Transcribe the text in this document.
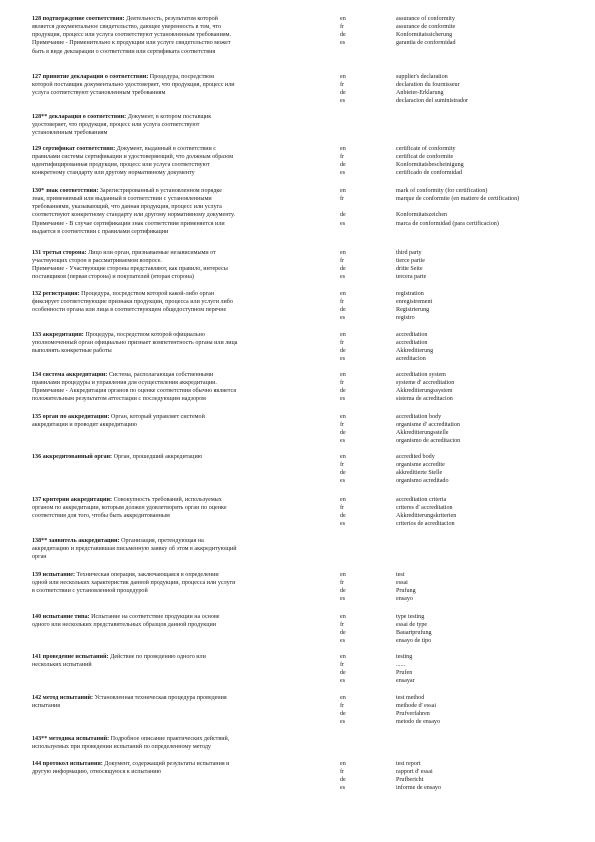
128 подтверждение соответствия: Деятельность, результатом которой
является документальное свидетельство, дающее уверенность в том, что
продукция, процесс или услуга соответствуют установленным требованиям.
Примечание - Применительно к продукции или услуге свидетельство может
быть в виде декларации о соответствии или сертификата соответствия
en
fr
de
es
assurance of conformity
assurance de conformite
Konformitatssicherung
garantia de conformidad
127 принятие декларации о соответствии: Процедура, посредством
которой поставщик документально удостоверяет, что продукция, процесс или
услуга соответствуют установленным требованиям
en
fr
de
es
supplier's declaration
declaration du fournisseur
Anbieter-Erklarung
declaracion del suministrador
128** декларация о соответствии: Документ, в котором поставщик
удостоверяет, что продукция, процесс или услуга соответствуют
установленным требованиям
129 сертификат соответствия: Документ, выданный в соответствии с
правилами системы сертификации и удостоверяющий, что должным образом
идентифицированная продукция, процесс или услуга соответствуют
конкретному стандарту или другому нормативному документу
en
fr
de
es
certificate of conformity
certificat de conformite
Konformitatsbescheinigung
certificado de conformidad
130* знак соответствия: Зарегистрированный в установленном порядке
знак, применяемый или выданный в соответствии с установленными
требованиями, указывающий, что данная продукция, процесс или услуга
соответствуют конкретному стандарту или другому нормативному документу.
Примечание - В случае сертификации знак соответствия применяется или
выдается в соответствии с правилами сертификации
en
fr
de
es
mark of conformity (for certification)
marque de conformite (en matiere de certification)
Konformitatszeichen
marca de conformidad (para certificacion)
131 третья сторона: Лицо или орган, признаваемые независимыми от
участвующих сторон в рассматриваемом вопросе.
Примечание - Участвующие стороны представляют, как правило, интересы
поставщиков (первая сторона) и покупателей (вторая сторона)
en
fr
de
es
third party
tierce partie
dritte Seite
tercera parte
132 регистрация: Процедура, посредством которой какой-либо орган
фиксирует соответствующие признаки продукции, процесса или услуги либо
особенности органа или лица в соответствующем общедоступном перечне
en
fr
de
es
registration
enregistrement
Registrierung
registro
133 аккредитация: Процедура, посредством которой официально
уполномоченный орган официально признает компетентность органа или лица
выполнять конкретные работы
en
fr
de
es
accreditation
accreditation
Akkreditierung
acreditacion
134 система аккредитации: Система, располагающая собственными
правилами процедуры и управления для осуществления аккредитации.
Примечание - Аккредитация органов по оценке соответствия обычно является
положительным результатом аттестации с последующим надзором
en
fr
de
es
accreditation system
systeme d' accreditation
Akkreditierungssystem
sistema de acreditacion
135 орган по аккредитации: Орган, который управляет системой
аккредитации и проводит аккредитацию
en
fr
de
es
accreditation body
organisme d' accreditation
Akkreditierungsstelle
organismo de acreditacion
136 аккредитованный орган: Орган, прошедший аккредитацию	en
fr
de
es
accredited body
organisme accredite
akkreditierte Stelle
organismo acreditado
137 критерии аккредитации: Совокупность требований, используемых
органом по аккредитации, которым должен удовлетворять орган по оценке
соответствия для того, чтобы быть аккредитованным
en
fr
de
es
accreditation criteria
criteres d' accreditation
Akkreditierungskriterien
criterios de acreditacion
138** заявитель аккредитации: Организация, претендующая на
аккредитацию и представившая письменную заявку об этом в аккредитующий
орган
139 испытание: Техническая операция, заключающаяся в определении
одной или нескольких характеристик данной продукции, процесса или услуги
в соответствии с установленной процедурой
en
fr
de
es
test
essai
Prufung
ensayo
140 испытание типа: Испытание на соответствие продукции на основе
одного или нескольких представительных образцов данной продукции
en
fr
de
es
type testing
essai de type
Bauartprufung
ensayo de tipo
141 проведение испытаний: Действие по проведению одного или
нескольких испытаний
en
fr
de
es
testing
......
Prufen
ensayar
142 метод испытаний: Установленная техническая процедура проведения
испытания
en
fr
de
es
test method
methode d' essai
Prufverfahren
metodo de ensayo
143** методика испытаний: Подробное описание практических действий,
используемых при проведении испытаний по определенному методу
144 протокол испытания: Документ, содержащий результаты испытания и
другую информацию, относящуюся к испытанию
en
fr
de
es
test report
rapport d' essai
Prufbericht
informe de ensayo
